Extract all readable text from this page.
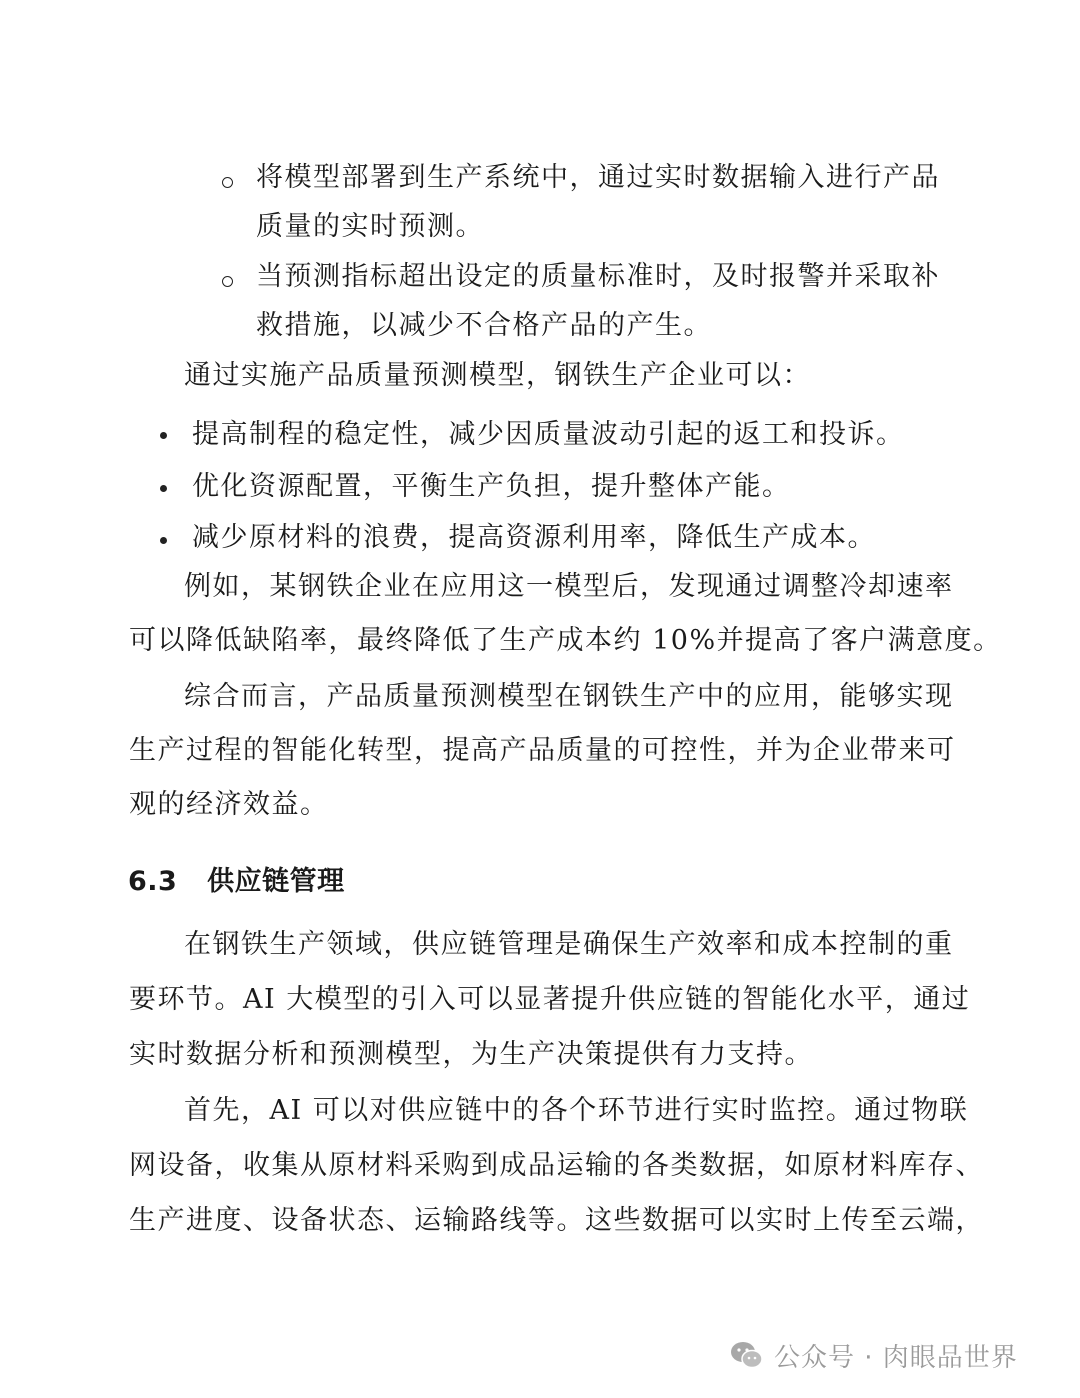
将模型部署到生产系统中，通过实时数据输入进行产品
质量的实时预测。
当预测指标超出设定的质量标准时，及时报警并采取补
救措施，以减少不合格产品的产生。
通过实施产品质量预测模型，钢铁生产企业可以：
提高制程的稳定性，减少因质量波动引起的返工和投诉。
优化资源配置，平衡生产负担，提升整体产能。
减少原材料的浪费，提高资源利用率，降低生产成本。
例如，某钢铁企业在应用这一模型后，发现通过调整冷却速率
可以降低缺陷率，最终降低了生产成本约 10%并提高了客户满意度。
综合而言，产品质量预测模型在钢铁生产中的应用，能够实现
生产过程的智能化转型，提高产品质量的可控性，并为企业带来可
观的经济效益。
6.3 供应链管理
在钢铁生产领域，供应链管理是确保生产效率和成本控制的重
要环节。AI 大模型的引入可以显著提升供应链的智能化水平，通过
实时数据分析和预测模型，为生产决策提供有力支持。
首先，AI 可以对供应链中的各个环节进行实时监控。通过物联
网设备，收集从原材料采购到成品运输的各类数据，如原材料库存、
生产进度、设备状态、运输路线等。这些数据可以实时上传至云端，
公众号 · 肉眼品世界
